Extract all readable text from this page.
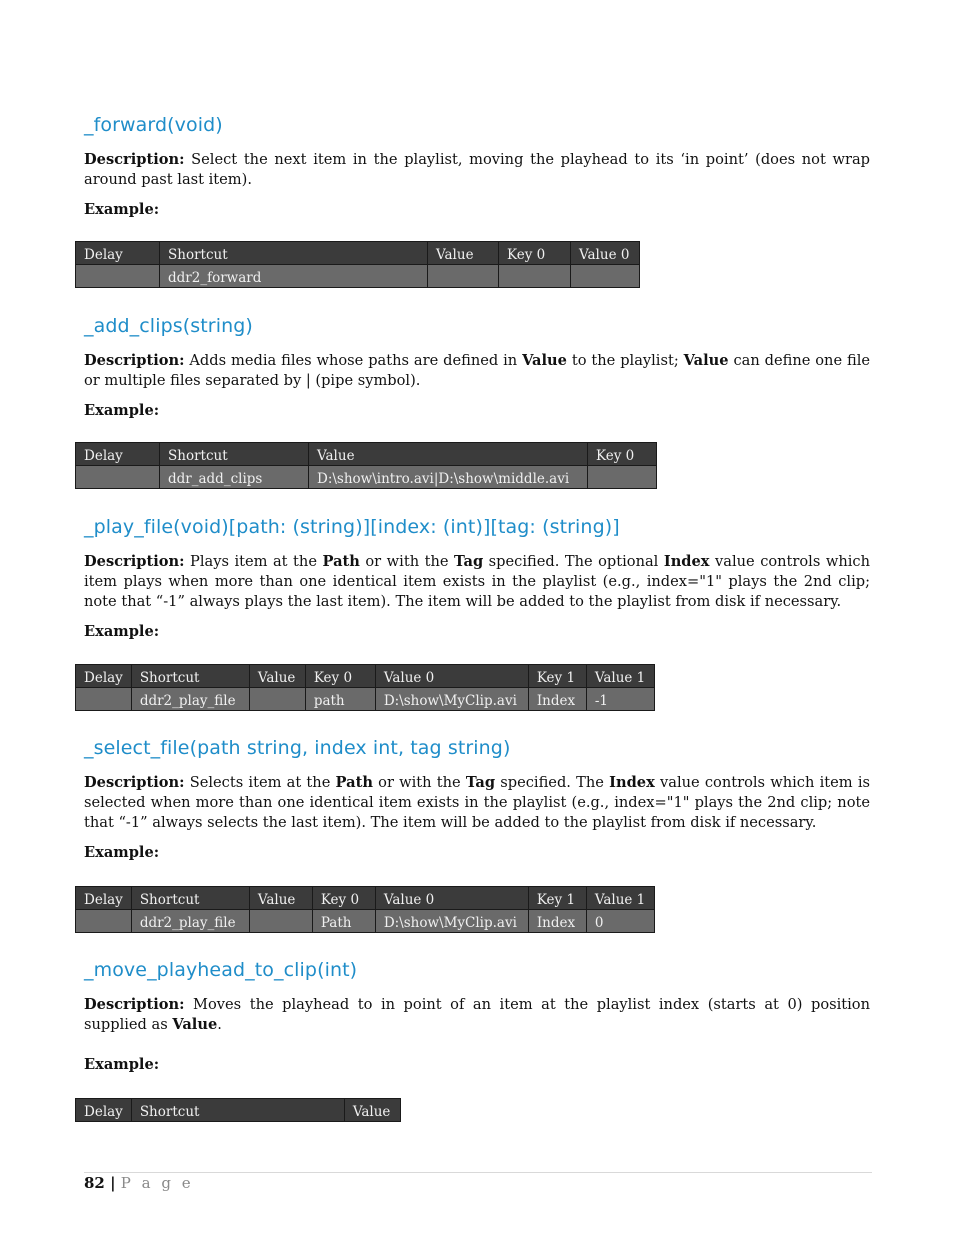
_forward(void)

Description: Select the next item in the playlist, moving the playhead to its ‘in point’ (does not wrap around past last item).

Example:

Delay	Shortcut	Value	Key 0	Value 0
	ddr2_forward			
_add_clips(string)

Description: Adds media files whose paths are defined in Value to the playlist; Value can define one file or multiple files separated by | (pipe symbol).

Example:

Delay	Shortcut	Value	Key 0
	ddr_add_clips	D:\show\intro.avi|D:\show\middle.avi	
_play_file(void)[path: (string)][index: (int)][tag: (string)]

Description: Plays item at the Path or with the Tag specified. The optional Index value controls which item plays when more than one identical item exists in the playlist (e.g., index="1" plays the 2nd clip; note that “-1” always plays the last item). The item will be added to the playlist from disk if necessary.

Example:

Delay	Shortcut	Value	Key 0	Value 0	Key 1	Value 1
	ddr2_play_file		path	D:\show\MyClip.avi	Index	-1
_select_file(path string, index int, tag string)

Description: Selects item at the Path or with the Tag specified. The Index value controls which item is selected when more than one identical item exists in the playlist (e.g., index="1" plays the 2nd clip; note that “-1” always selects the last item). The item will be added to the playlist from disk if necessary.

Example:

Delay	Shortcut	Value	Key 0	Value 0	Key 1	Value 1
	ddr2_play_file		Path	D:\show\MyClip.avi	Index	0
_move_playhead_to_clip(int)

Description: Moves the playhead to in point of an item at the playlist index (starts at 0) position supplied as Value.

Example:

Delay	Shortcut	Value
82 | P a g e
